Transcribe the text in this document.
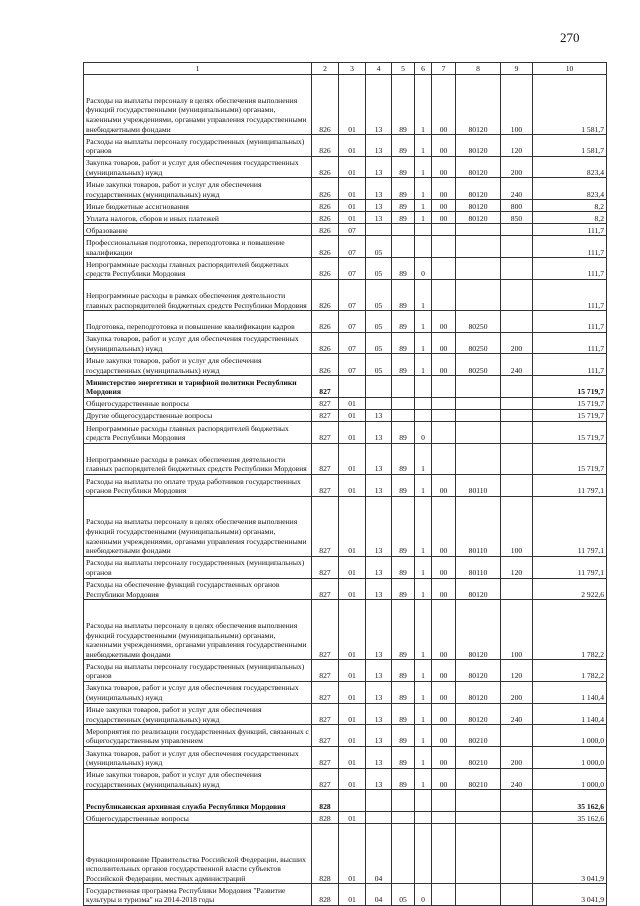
270
1	2	3	4	5	6	7	8	9	10
Расходы на выплаты персоналу в целях обеспечения выполнения функций государственными (муниципальными) органами, казенными учреждениями, органами управления государственными внебюджетными фондами	826	01	13	89	1	00	80120	100	1 581,7
Расходы на выплаты персоналу государственных (муниципальных) органов	826	01	13	89	1	00	80120	120	1 581,7
Закупка товаров, работ и услуг для обеспечения государственных (муниципальных) нужд	826	01	13	89	1	00	80120	200	823,4
Иные закупки товаров, работ и услуг для обеспечения государственных (муниципальных) нужд	826	01	13	89	1	00	80120	240	823,4
Иные бюджетные ассигнования	826	01	13	89	1	00	80120	800	8,2
Уплата налогов, сборов и иных платежей	826	01	13	89	1	00	80120	850	8,2
Образование	826	07							111,7
Профессиональная подготовка, переподготовка и повышение квалификации	826	07	05						111,7
Непрограммные расходы главных распорядителей бюджетных средств Республики Мордовия	826	07	05	89	0				111,7
Непрограммные расходы в рамках обеспечения деятельности главных распорядителей бюджетных средств Республики Мордовия	826	07	05	89	1				111,7
Подготовка, переподготовка и повышение квалификации кадров	826	07	05	89	1	00	80250		111,7
Закупка товаров, работ и услуг для обеспечения государственных (муниципальных) нужд	826	07	05	89	1	00	80250	200	111,7
Иные закупки товаров, работ и услуг для обеспечения государственных (муниципальных) нужд	826	07	05	89	1	00	80250	240	111,7
Министерство энергетики и тарифной политики Республики Мордовия	827								15 719,7
Общегосударственные вопросы	827	01							15 719,7
Другие общегосударственные вопросы	827	01	13						15 719,7
Непрограммные расходы главных распорядителей бюджетных средств Республики Мордовия	827	01	13	89	0				15 719,7
Непрограммные расходы в рамках обеспечения деятельности главных распорядителей бюджетных средств Республики Мордовия	827	01	13	89	1				15 719,7
Расходы на выплаты по оплате труда работников государственных органов Республики Мордовия	827	01	13	89	1	00	80110		11 797,1
Расходы на выплаты персоналу в целях обеспечения выполнения функций государственными (муниципальными) органами, казенными учреждениями, органами управления государственными внебюджетными фондами	827	01	13	89	1	00	80110	100	11 797,1
Расходы на выплаты персоналу государственных (муниципальных) органов	827	01	13	89	1	00	80110	120	11 797,1
Расходы на обеспечение функций государственных органов Республики Мордовия	827	01	13	89	1	00	80120		2 922,6
Расходы на выплаты персоналу в целях обеспечения выполнения функций государственными (муниципальными) органами, казенными учреждениями, органами управления государственными внебюджетными фондами	827	01	13	89	1	00	80120	100	1 782,2
Расходы на выплаты персоналу государственных (муниципальных) органов	827	01	13	89	1	00	80120	120	1 782,2
Закупка товаров, работ и услуг для обеспечения государственных (муниципальных) нужд	827	01	13	89	1	00	80120	200	1 140,4
Иные закупки товаров, работ и услуг для обеспечения государственных (муниципальных) нужд	827	01	13	89	1	00	80120	240	1 140,4
Мероприятия по реализации государственных функций, связанных с общегосударственным управлением	827	01	13	89	1	00	80210		1 000,0
Закупка товаров, работ и услуг для обеспечения государственных (муниципальных) нужд	827	01	13	89	1	00	80210	200	1 000,0
Иные закупки товаров, работ и услуг для обеспечения государственных (муниципальных) нужд	827	01	13	89	1	00	80210	240	1 000,0
Республиканская архивная служба Республики Мордовия	828								35 162,6
Общегосударственные вопросы	828	01							35 162,6
Функционирование Правительства Российской Федерации, высших исполнительных органов государственной власти субъектов Российской Федерации, местных администраций	828	01	04						3 041,9
Государственная программа Республики Мордовия "Развитие культуры и туризма" на 2014-2018 годы	828	01	04	05	0				3 041,9
